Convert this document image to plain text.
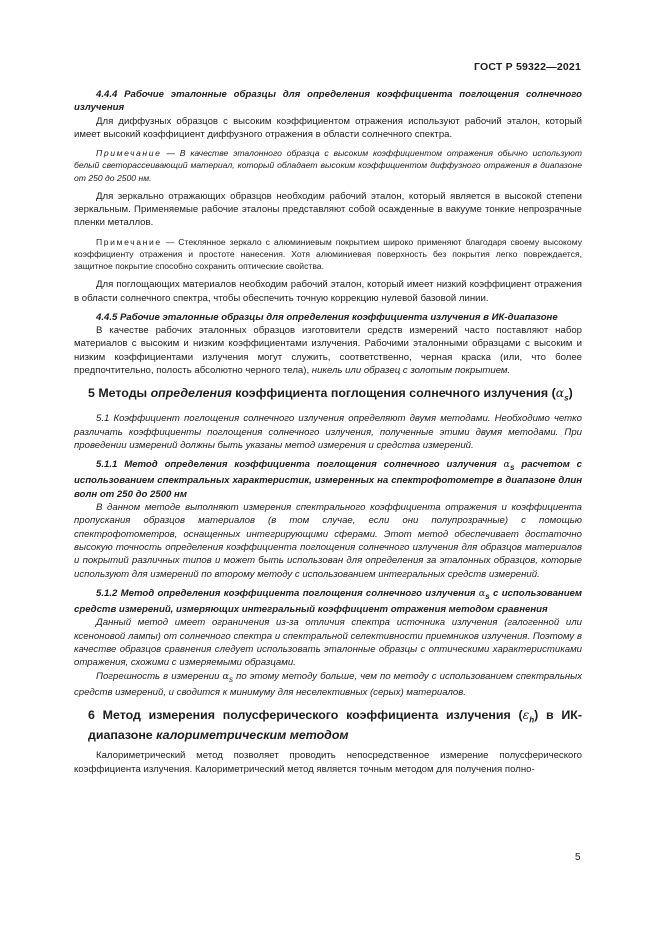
ГОСТ Р 59322—2021

4.4.4 Рабочие эталонные образцы для определения коэффициента поглощения солнечного излучения

Для диффузных образцов с высоким коэффициентом отражения используют рабочий эталон, который имеет высокий коэффициент диффузного отражения в области солнечного спектра.

Примечание — В качестве эталонного образца с высоким коэффициентом отражения обычно используют белый светорассеивающий материал, который обладает высоким коэффициентом диффузного отражения в диапазоне от 250 до 2500 нм.

Для зеркально отражающих образцов необходим рабочий эталон, который является в высокой степени зеркальным. Применяемые рабочие эталоны представляют собой осажденные в вакууме тонкие непрозрачные пленки металлов.

Примечание — Стеклянное зеркало с алюминиевым покрытием широко применяют благодаря своему высокому коэффициенту отражения и простоте нанесения. Хотя алюминиевая поверхность без покрытия легко повреждается, защитное покрытие способно сохранить оптические свойства.

Для поглощающих материалов необходим рабочий эталон, который имеет низкий коэффициент отражения в области солнечного спектра, чтобы обеспечить точную коррекцию нулевой базовой линии.

4.4.5 Рабочие эталонные образцы для определения коэффициента излучения в ИК-диапазоне

В качестве рабочих эталонных образцов изготовители средств измерений часто поставляют набор материалов с высоким и низким коэффициентами излучения. Рабочими эталонными образцами с высоким и низким коэффициентами излучения могут служить, соответственно, черная краска (или, что более предпочтительно, полость абсолютно черного тела), никель или образец с золотым покрытием.

5 Методы определения коэффициента поглощения солнечного излучения $(\alpha_s)$

5.1 Коэффициент поглощения солнечного излучения определяют двумя методами. Необходимо четко различать коэффициенты поглощения солнечного излучения, полученные этими двумя методами. При проведении измерений должны быть указаны метод измерения и средства измерений.

5.1.1 Метод определения коэффициента поглощения солнечного излучения $\alpha_s$ расчетом с использованием спектральных характеристик, измеренных на спектрофотометре в диапазоне длин волн от 250 до 2500 нм

В данном методе выполняют измерения спектрального коэффициента отражения и коэффициента пропускания образцов материалов (в том случае, если они полупрозрачные) с помощью спектрофотометров, оснащенных интегрирующими сферами. Этот метод обеспечивает достаточно высокую точность определения коэффициента поглощения солнечного излучения для образцов материалов и покрытий различных типов и может быть использован для определения за эталонных образцов, которые используют для измерений по второму методу с использованием интегральных средств измерений.

5.1.2 Метод определения коэффициента поглощения солнечного излучения $\alpha_s$ с использованием средств измерений, измеряющих интегральный коэффициент отражения методом сравнения

Данный метод имеет ограничения из-за отличия спектра источника излучения (галогенной или ксеноновой лампы) от солнечного спектра и спектральной селективности приемников излучения. Поэтому в качестве образцов сравнения следует использовать эталонные образцы с оптическими характеристиками отражения, схожими с измеряемыми образцами.

Погрешность в измерении $\alpha_s$ по этому методу больше, чем по методу с использованием спектральных средств измерений, и сводится к минимуму для неселективных (серых) материалов.

6 Метод измерения полусферического коэффициента излучения $(\varepsilon_h)$ в ИК-диапазоне калориметрическим методом

Калориметрический метод позволяет проводить непосредственное измерение полусферического коэффициента излучения. Калориметрический метод является точным методом для получения полно-

5
